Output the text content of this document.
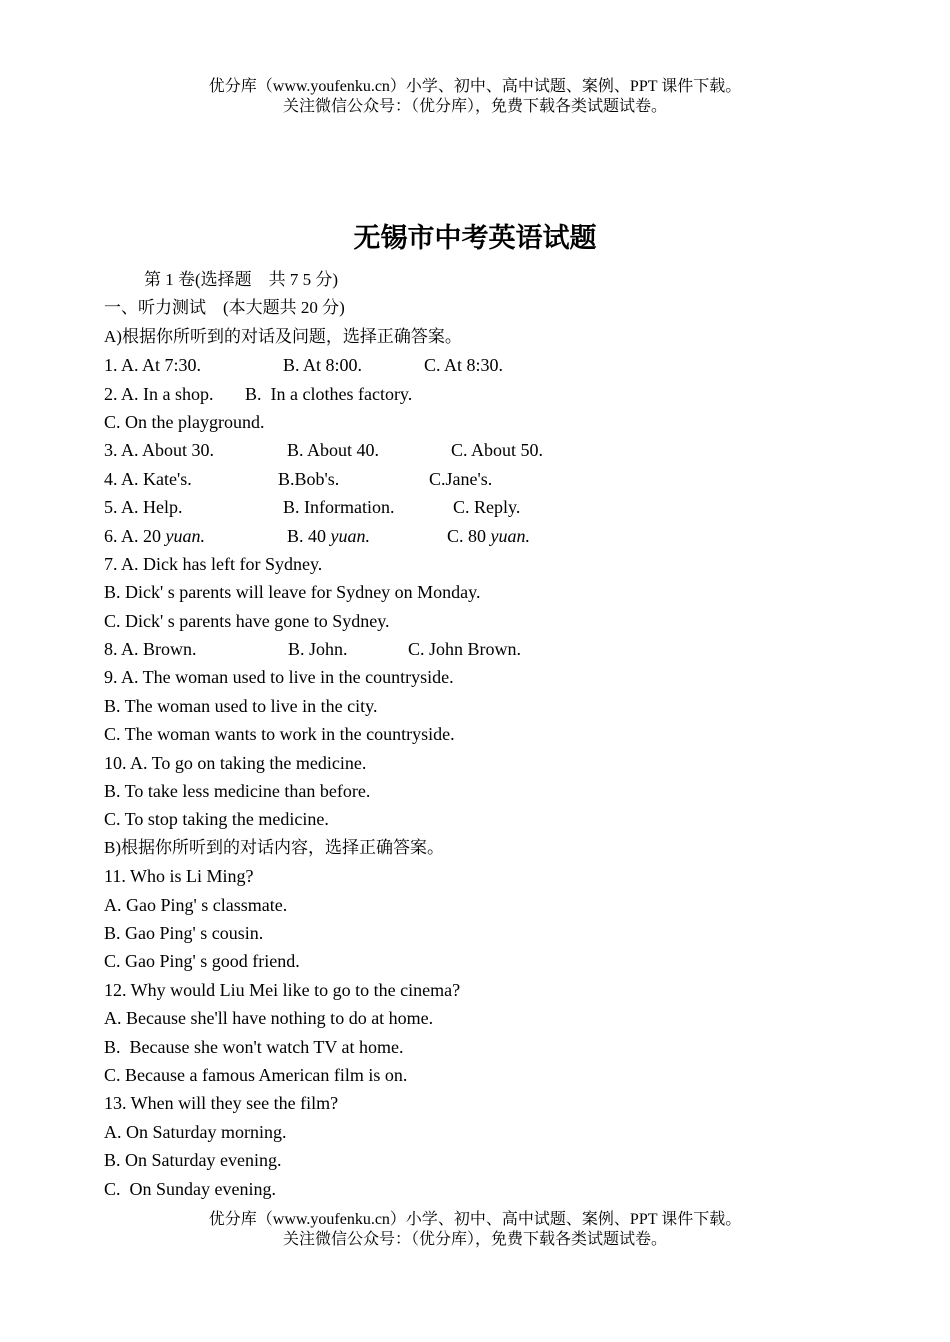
优分库（www.youfenku.cn）小学、初中、高中试题、案例、PPT 课件下载。
关注微信公众号：（优分库），免费下载各类试题试卷。
无锡市中考英语试题
第 1 卷(选择题　共 7 5 分)
一、听力测试　(本大题共 20 分)
A)根据你所听到的对话及问题，选择正确答案。
1. A. At 7:30.	B. At 8:00.	C. At 8:30.
2. A. In a shop.       B.  In a clothes factory.
C. On the playground.
3. A. About 30.	B. About 40.	C. About 50.
4. A. Kate's.	B.Bob's.	C.Jane's.
5. A. Help.	B. Information.	C. Reply.
6. A. 20 yuan.	B. 40 yuan.	C. 80 yuan.
7. A. Dick has left for Sydney.
B. Dick' s parents will leave for Sydney on Monday.
C. Dick' s parents have gone to Sydney.
8. A. Brown.	B. John.	C. John Brown.
9. A. The woman used to live in the countryside.
B. The woman used to live in the city.
C. The woman wants to work in the countryside.
10. A. To go on taking the medicine.
B. To take less medicine than before.
C. To stop taking the medicine.
B)根据你所听到的对话内容，选择正确答案。
11. Who is Li Ming?
A. Gao Ping' s classmate.
B. Gao Ping' s cousin.
C. Gao Ping' s good friend.
12. Why would Liu Mei like to go to the cinema?
A. Because she'll have nothing to do at home.
B.  Because she won't watch TV at home.
C. Because a famous American film is on.
13. When will they see the film?
A. On Saturday morning.
B. On Saturday evening.
C.  On Sunday evening.
优分库（www.youfenku.cn）小学、初中、高中试题、案例、PPT 课件下载。
关注微信公众号：（优分库），免费下载各类试题试卷。
